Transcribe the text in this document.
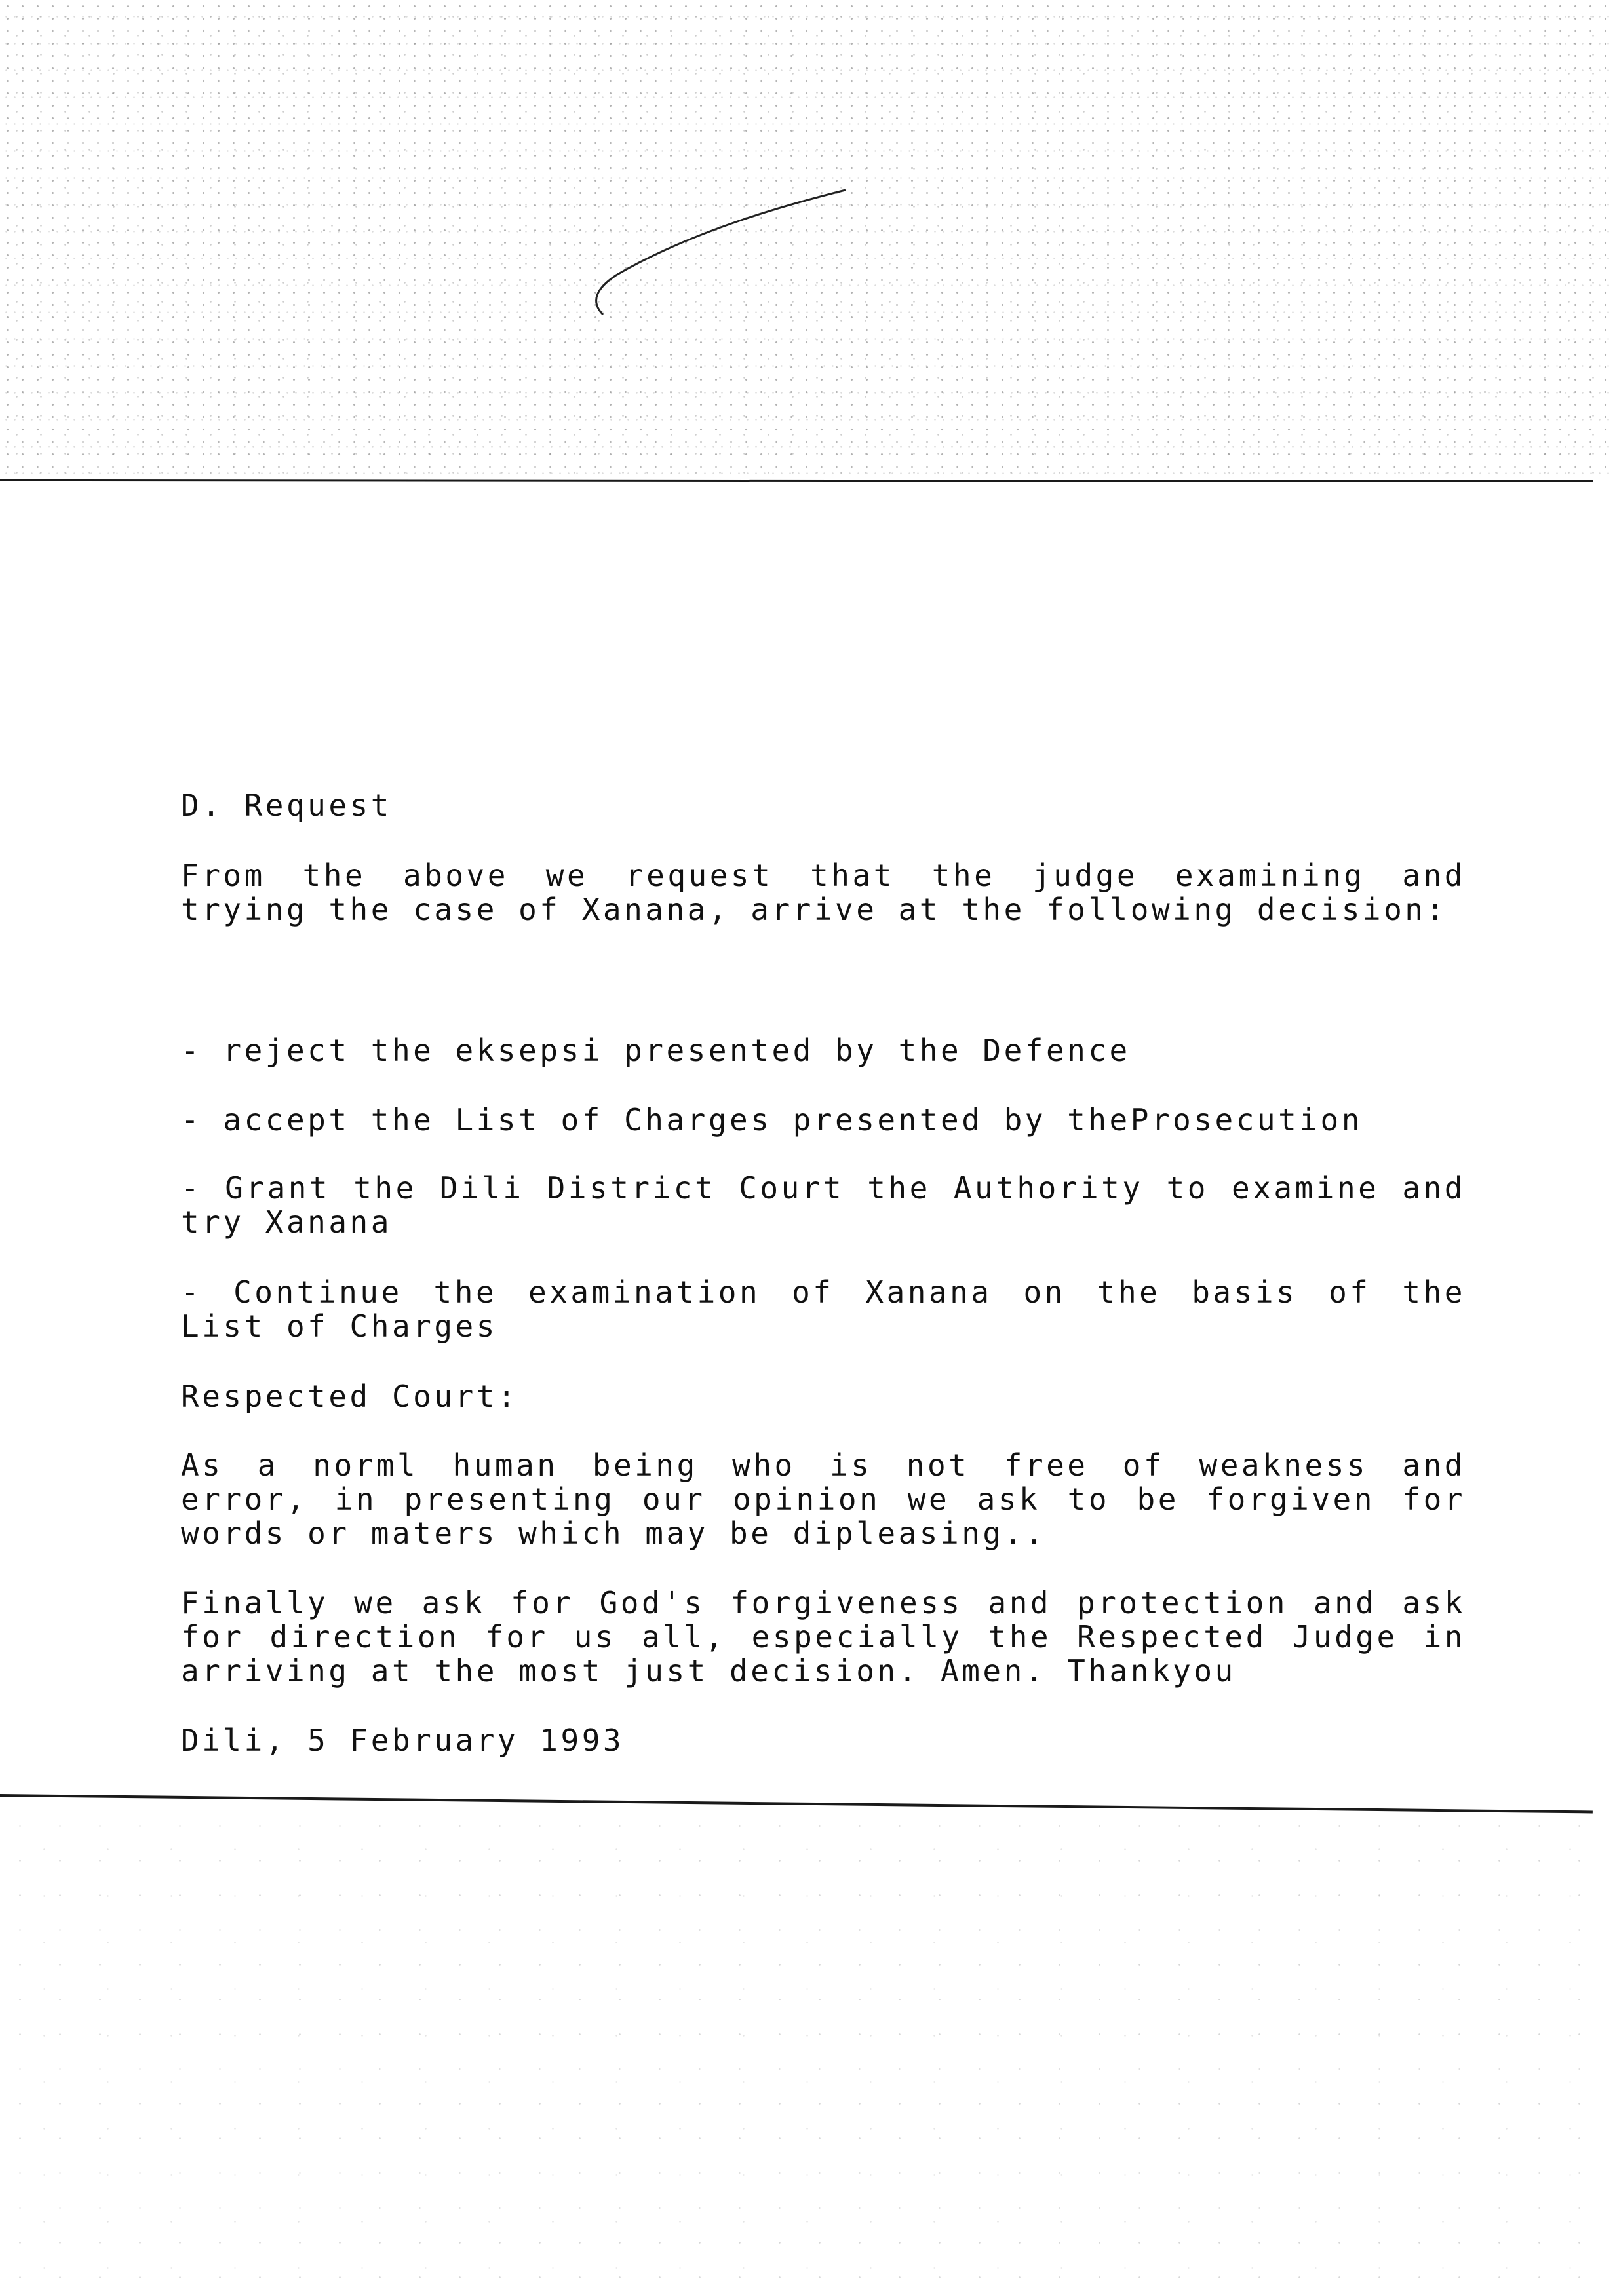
D. Request

From the above we request that the judge examining and trying the case of Xanana, arrive at the following decision:

- reject the eksepsi presented by the Defence

- accept the List of Charges presented by theProsecution

- Grant the Dili District Court the Authority to examine and try Xanana

- Continue the examination of Xanana on the basis of the List of Charges

Respected Court:

As a norml human being who is not free of weakness and error, in presenting our opinion we ask to be forgiven for words or maters which may be dipleasing..

Finally we ask for God's forgiveness and protection and ask for direction for us all, especially the Respected Judge in arriving at the most just decision. Amen. Thankyou

Dili, 5 February 1993
